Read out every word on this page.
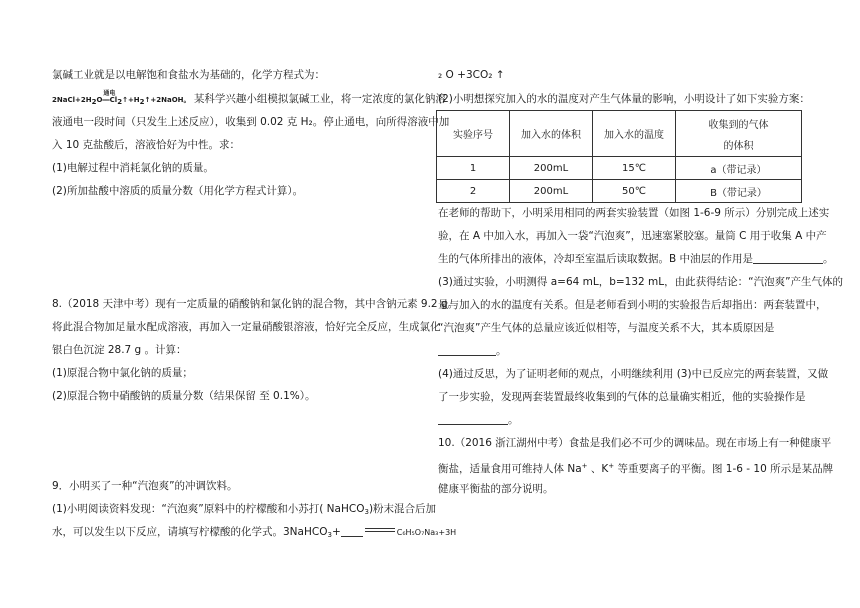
氯碱工业就是以电解饱和食盐水为基础的，化学方程式为：
2NaCl+2H2O
通电
══Cl2↑+H2↑+2NaOH。 某科学兴趣小组模拟氯碱工业，将一定浓度的氯化钠溶
液通电一段时间（只发生上述反应），收集到 0.02 克 H₂。停止通电，向所得溶液中加
入 10 克盐酸后，溶液恰好为中性。求：
(1)电解过程中消耗氯化钠的质量。
(2)所加盐酸中溶质的质量分数（用化学方程式计算）。
8.（2018 天津中考）现有一定质量的硝酸钠和氯化钠的混合物，其中含钠元素 9.2 g。
将此混合物加足量水配成溶液，再加入一定量硝酸银溶液，恰好完全反应，生成氯化
银白色沉淀 28.7 g 。计算：
(1)原混合物中氯化钠的质量；
(2)原混合物中硝酸钠的质量分数（结果保留 至 0.1%）。
9．小明买了一种“汽泡爽”的冲调饮料。
(1)小明阅读资料发现：“汽泡爽”原料中的柠檬酸和小苏打( NaHCO$_3$)粉末混合后加
水，可以发生以下反应，请填写柠檬酸的化学式。3NaHCO$_3$+	C₆H₅O₇Na₃+3H
₂ O +3CO₂ ↑
(2)小明想探究加入的水的温度对产生气体量的影响，小明设计了如下实验方案：
实验序号	加入水的体积	加入水的温度	收集到的气体
的体积

1	200mL	15℃	a（带记录）
2	200mL	50℃	B（带记录）
在老师的帮助下，小明采用相同的两套实验装置（如图 1-6-9 所示）分别完成上述实
验，在 A 中加入水，再加入一袋“汽泡爽”，迅速塞紧胶塞。量筒 C 用于收集 A 中产
生的气体所排出的液体，冷却至室温后读取数据。B 中油层的作用是	。
(3)通过实验，小明测得 a=64 mL，b=132 mL，由此获得结论：“汽泡爽”产生气体的
量与加入的水的温度有关系。但是老师看到小明的实验报告后却指出：两套装置中，
“汽泡爽”产生气体的总量应该近似相等，与温度关系不大，其本质原因是
。
(4)通过反思，为了证明老师的观点，小明继续利用 (3)中已反应完的两套装置，又做
了一步实验，发现两套装置最终收集到的气体的总量确实相近，他的实验操作是
。
10.（2016 浙江湖州中考）食盐是我们必不可少的调味品。现在市场上有一种健康平
衡盐，适量食用可维持人体 Na+ 、K+ 等重要离子的平衡。图 1-6 - 10 所示是某品牌
健康平衡盐的部分说明。
